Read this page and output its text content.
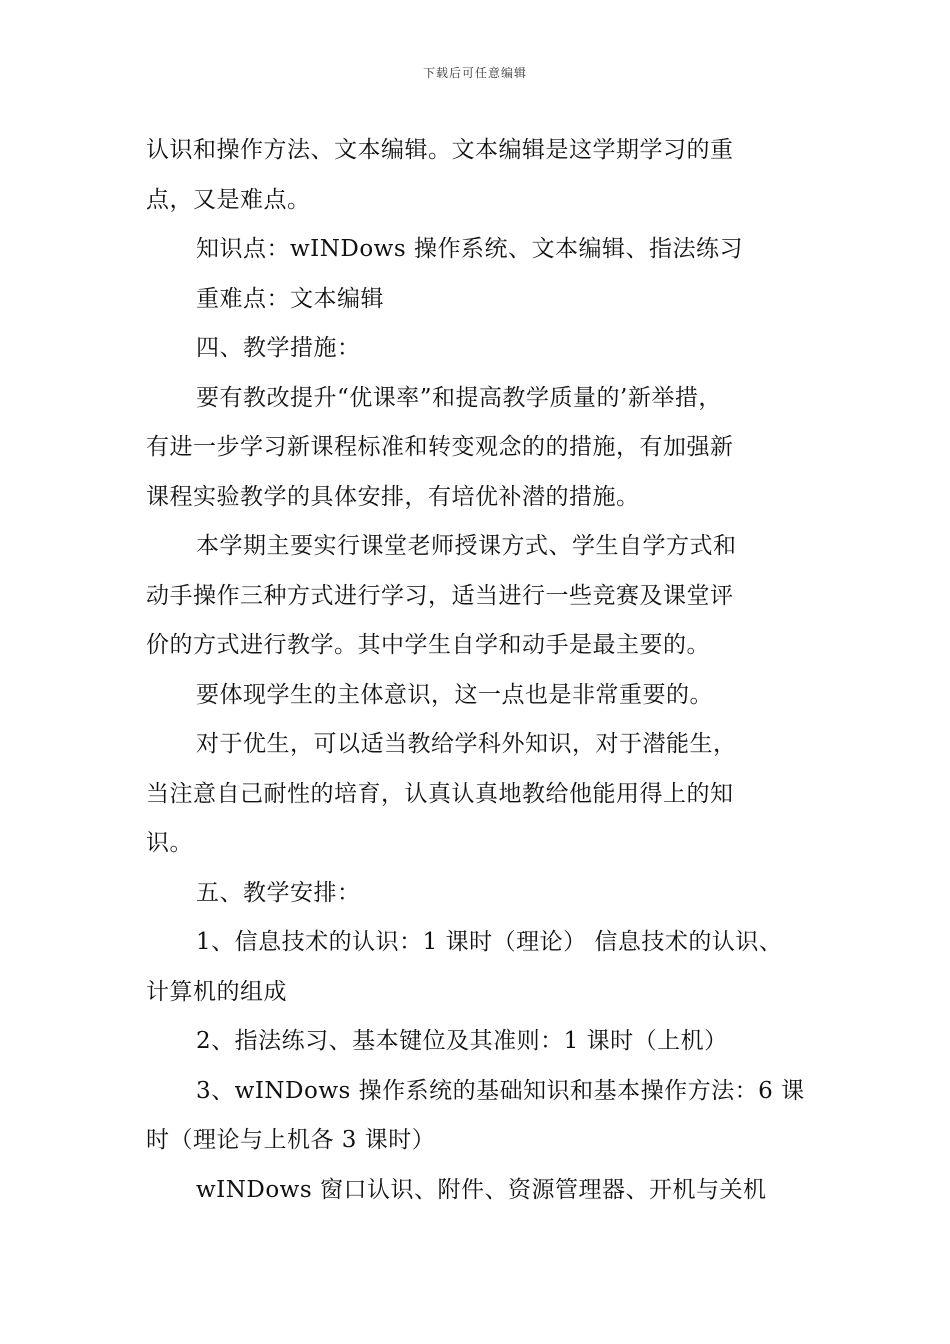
下载后可任意编辑

认识和操作方法、文本编辑。文本编辑是这学期学习的重

点，又是难点。

知识点：wINDows 操作系统、文本编辑、指法练习

重难点：文本编辑

四、教学措施：

要有教改提升“优课率”和提高教学质量的’新举措，

有进一步学习新课程标准和转变观念的的措施，有加强新

课程实验教学的具体安排，有培优补潜的措施。

本学期主要实行课堂老师授课方式、学生自学方式和

动手操作三种方式进行学习，适当进行一些竞赛及课堂评

价的方式进行教学。其中学生自学和动手是最主要的。

要体现学生的主体意识，这一点也是非常重要的。

对于优生，可以适当教给学科外知识，对于潜能生，

当注意自己耐性的培育，认真认真地教给他能用得上的知

识。

五、教学安排：

1、信息技术的认识：1 课时（理论） 信息技术的认识、

计算机的组成

2、指法练习、基本键位及其准则：1 课时（上机）

3、wINDows 操作系统的基础知识和基本操作方法：6 课

时（理论与上机各 3 课时）

wINDows 窗口认识、附件、资源管理器、开机与关机
